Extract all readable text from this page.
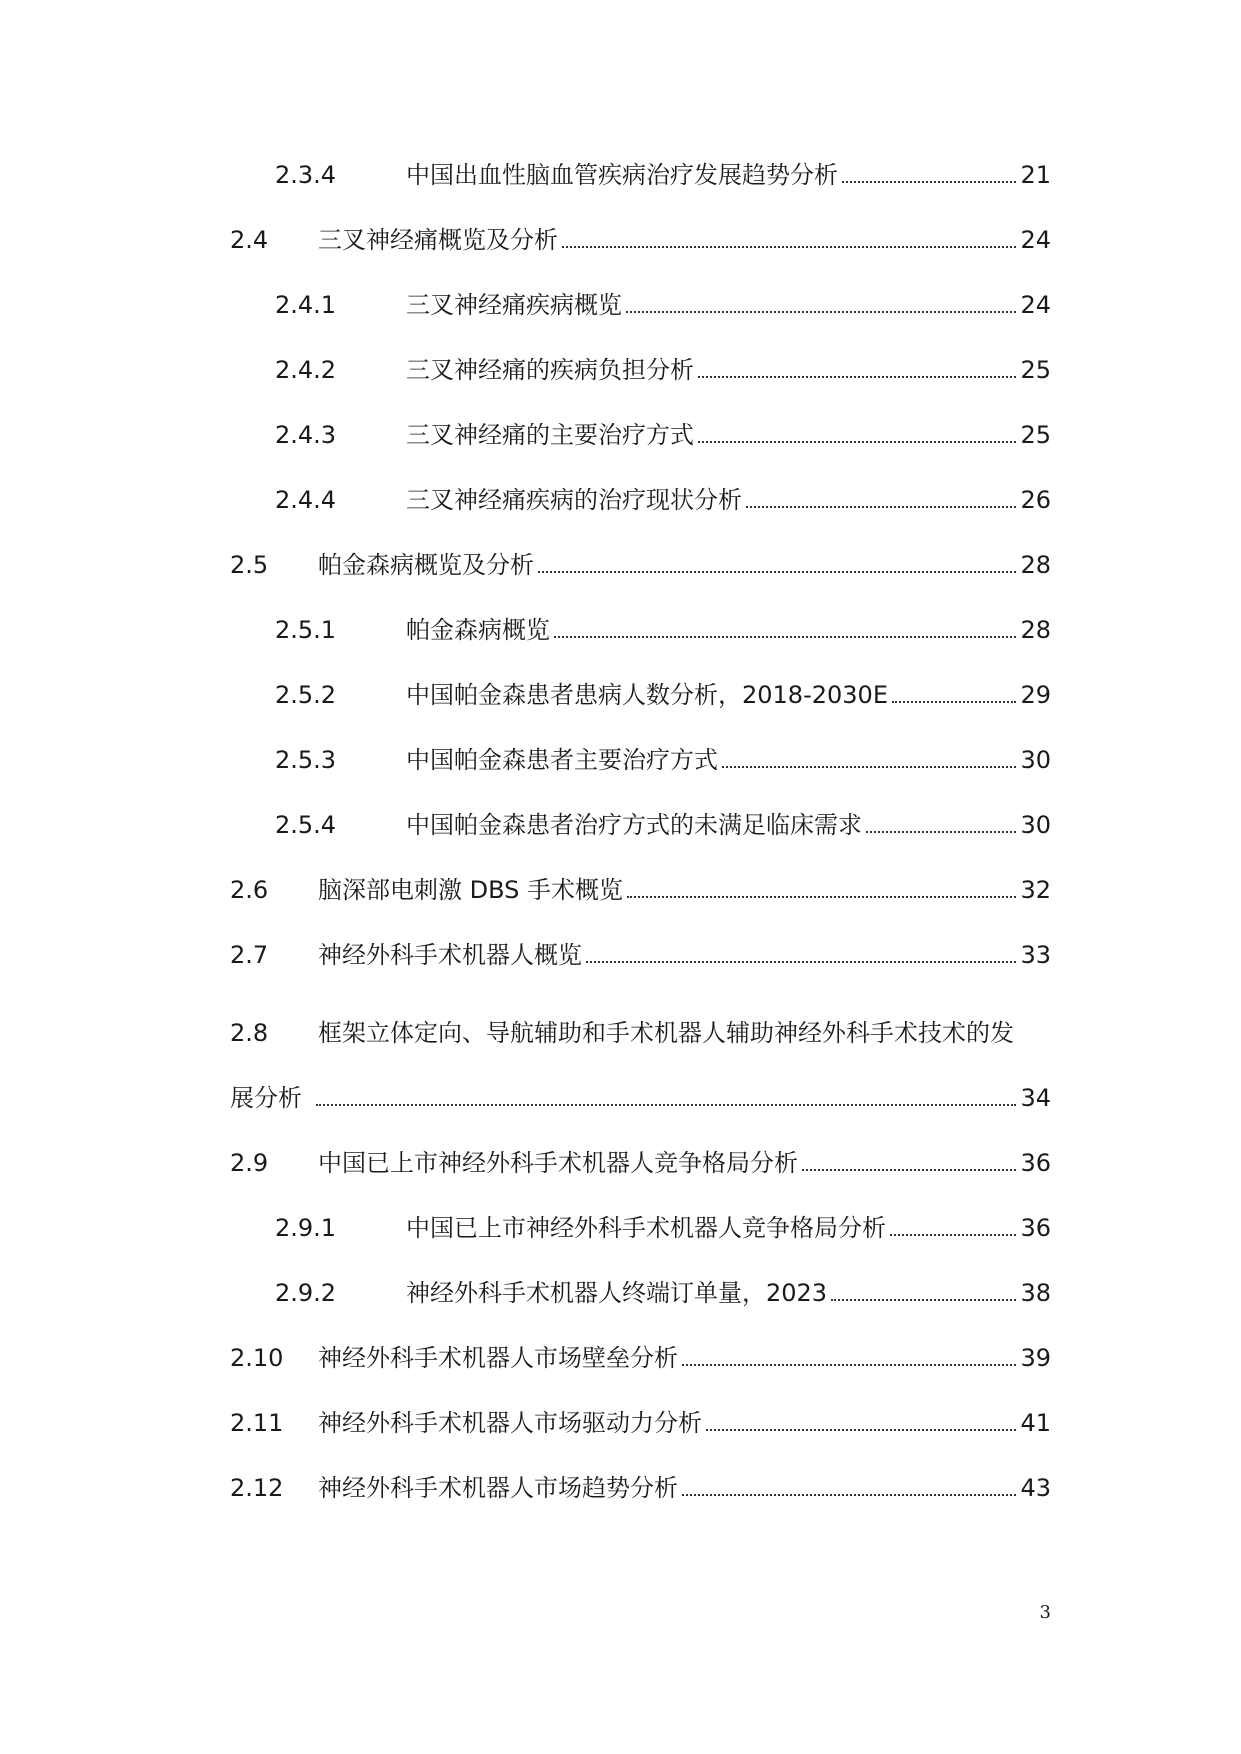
2.3.4	中国出血性脑血管疾病治疗发展趋势分析	21
2.4	三叉神经痛概览及分析	24
2.4.1	三叉神经痛疾病概览	24
2.4.2	三叉神经痛的疾病负担分析	25
2.4.3	三叉神经痛的主要治疗方式	25
2.4.4	三叉神经痛疾病的治疗现状分析	26
2.5	帕金森病概览及分析	28
2.5.1	帕金森病概览	28
2.5.2	中国帕金森患者患病人数分析，2018-2030E	29
2.5.3	中国帕金森患者主要治疗方式	30
2.5.4	中国帕金森患者治疗方式的未满足临床需求	30
2.6	脑深部电刺激 DBS 手术概览	32
2.7	神经外科手术机器人概览	33
2.8	框架立体定向、导航辅助和手术机器人辅助神经外科手术技术的发
展分析	34
2.9	中国已上市神经外科手术机器人竞争格局分析	36
2.9.1	中国已上市神经外科手术机器人竞争格局分析	36
2.9.2	神经外科手术机器人终端订单量，2023	38
2.10	神经外科手术机器人市场壁垒分析	39
2.11	神经外科手术机器人市场驱动力分析	41
2.12	神经外科手术机器人市场趋势分析	43
3
